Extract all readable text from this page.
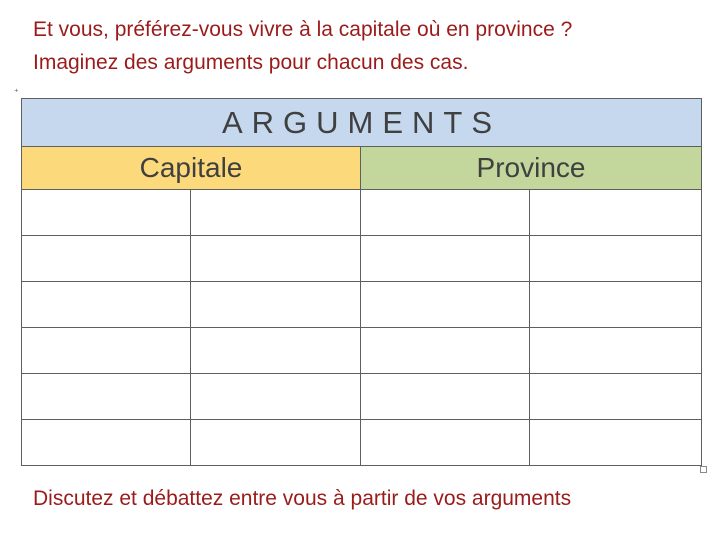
Et vous, préférez-vous vivre à la capitale où en province ?

Imaginez des arguments pour chacun des cas.

⁺
ARGUMENTS			
Capitale		Province	

Discutez et débattez entre vous à partir de vos arguments
